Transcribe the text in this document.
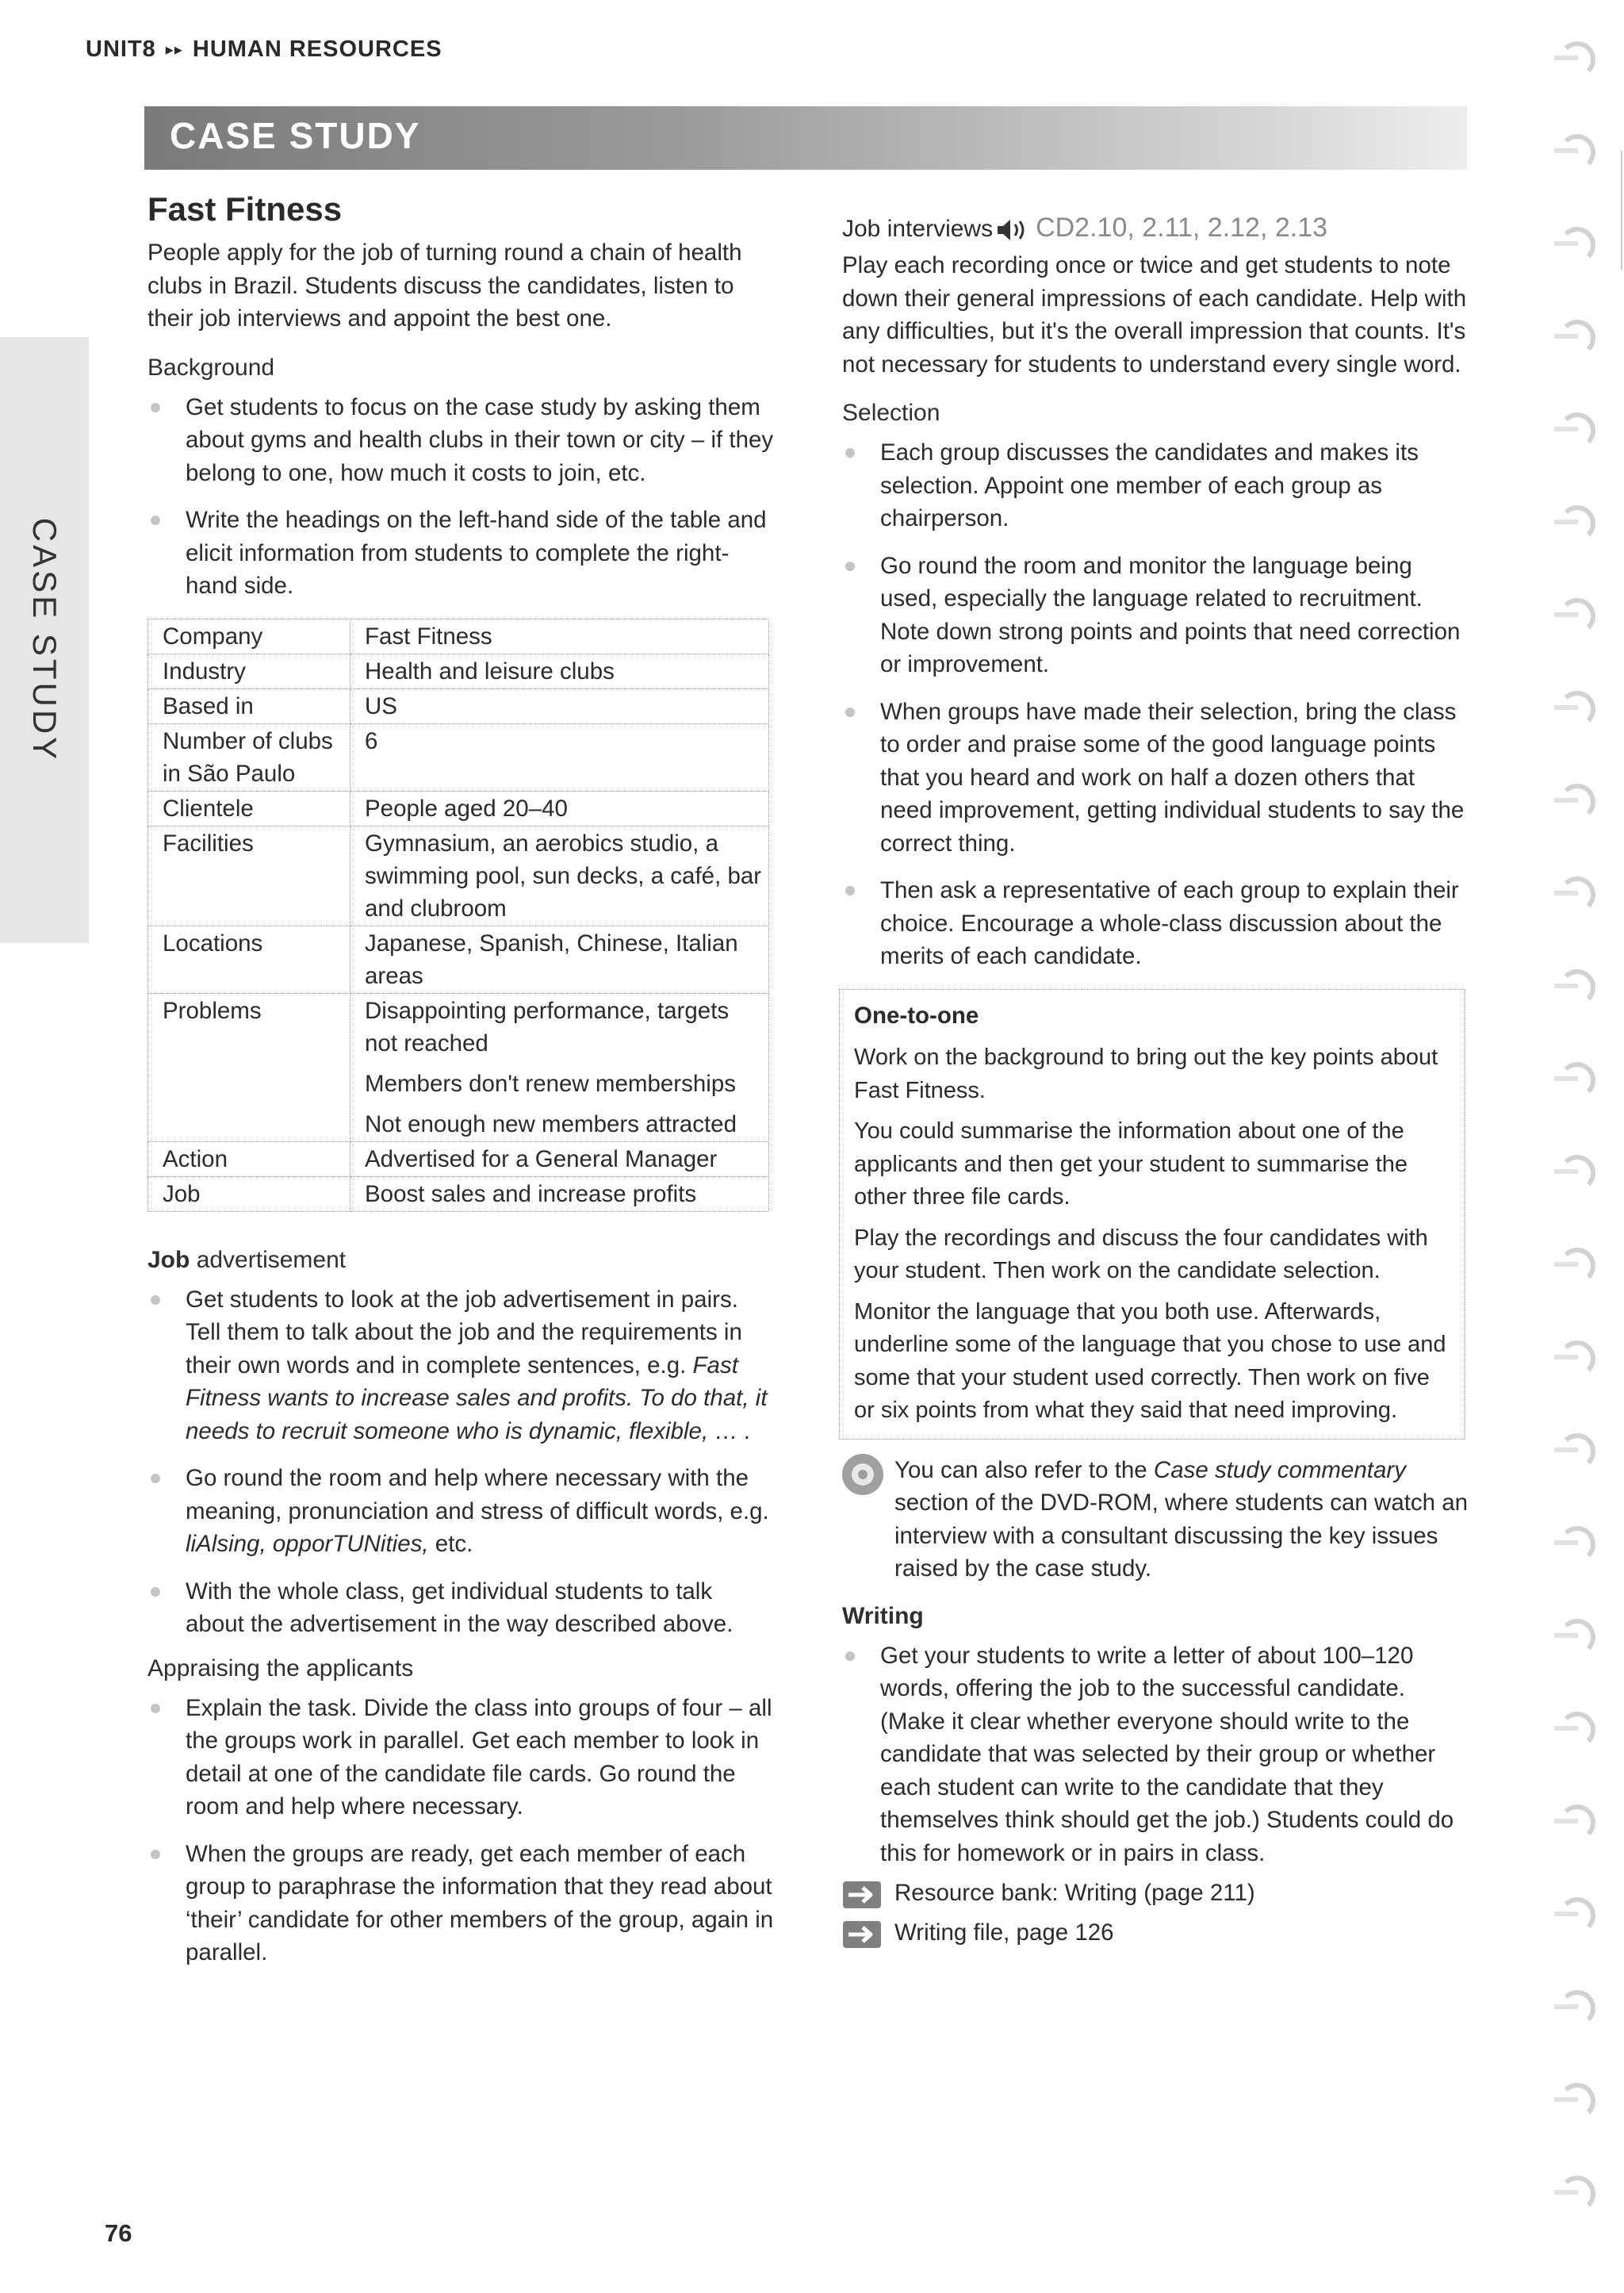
UNIT8 ▸▸ HUMAN RESOURCES
CASE STUDY
CASE STUDY
Fast Fitness

People apply for the job of turning round a chain of health clubs in Brazil. Students discuss the candidates, listen to their job interviews and appoint the best one.

Background

Get students to focus on the case study by asking them about gyms and health clubs in their town or city – if they belong to one, how much it costs to join, etc.
Write the headings on the left-hand side of the table and elicit information from students to complete the right-hand side.
Company	Fast Fitness

Industry	Health and leisure clubs

Based in	US

Number of clubs in São Paulo	6

Clientele	People aged 20–40

Facilities	Gymnasium, an aerobics studio, a swimming pool, sun decks, a café, bar and clubroom

Locations	Japanese, Spanish, Chinese, Italian areas

Problems	Disappointing performance, targets not reached
Members don't renew memberships
Not enough new members attracted

Action	Advertised for a General Manager

Job	Boost sales and increase profits

Job advertisement

Get students to look at the job advertisement in pairs. Tell them to talk about the job and the requirements in their own words and in complete sentences, e.g. Fast Fitness wants to increase sales and profits. To do that, it needs to recruit someone who is dynamic, flexible, … .
Go round the room and help where necessary with the meaning, pronunciation and stress of difficult words, e.g. liAlsing, opporTUNities, etc.
With the whole class, get individual students to talk about the advertisement in the way described above.

Appraising the applicants

Explain the task. Divide the class into groups of four – all the groups work in parallel. Get each member to look in detail at one of the candidate file cards. Go round the room and help where necessary.
When the groups are ready, get each member of each group to paraphrase the information that they read about ‘their’ candidate for other members of the group, again in parallel.

Job interviews CD2.10, 2.11, 2.12, 2.13

Play each recording once or twice and get students to note down their general impressions of each candidate. Help with any difficulties, but it's the overall impression that counts. It's not necessary for students to understand every single word.

Selection

Each group discusses the candidates and makes its selection. Appoint one member of each group as chairperson.
Go round the room and monitor the language being used, especially the language related to recruitment. Note down strong points and points that need correction or improvement.
When groups have made their selection, bring the class to order and praise some of the good language points that you heard and work on half a dozen others that need improvement, getting individual students to say the correct thing.
Then ask a representative of each group to explain their choice. Encourage a whole-class discussion about the merits of each candidate.

One-to-one

Work on the background to bring out the key points about Fast Fitness.

You could summarise the information about one of the applicants and then get your student to summarise the other three file cards.

Play the recordings and discuss the four candidates with your student. Then work on the candidate selection.

Monitor the language that you both use. Afterwards, underline some of the language that you chose to use and some that your student used correctly. Then work on five or six points from what they said that need improving.

You can also refer to the Case study commentary section of the DVD-ROM, where students can watch an interview with a consultant discussing the key issues raised by the case study.

Writing

Get your students to write a letter of about 100–120 words, offering the job to the successful candidate. (Make it clear whether everyone should write to the candidate that was selected by their group or whether each student can write to the candidate that they themselves think should get the job.) Students could do this for homework or in pairs in class.
Resource bank: Writing (page 211)
Writing file, page 126
76
